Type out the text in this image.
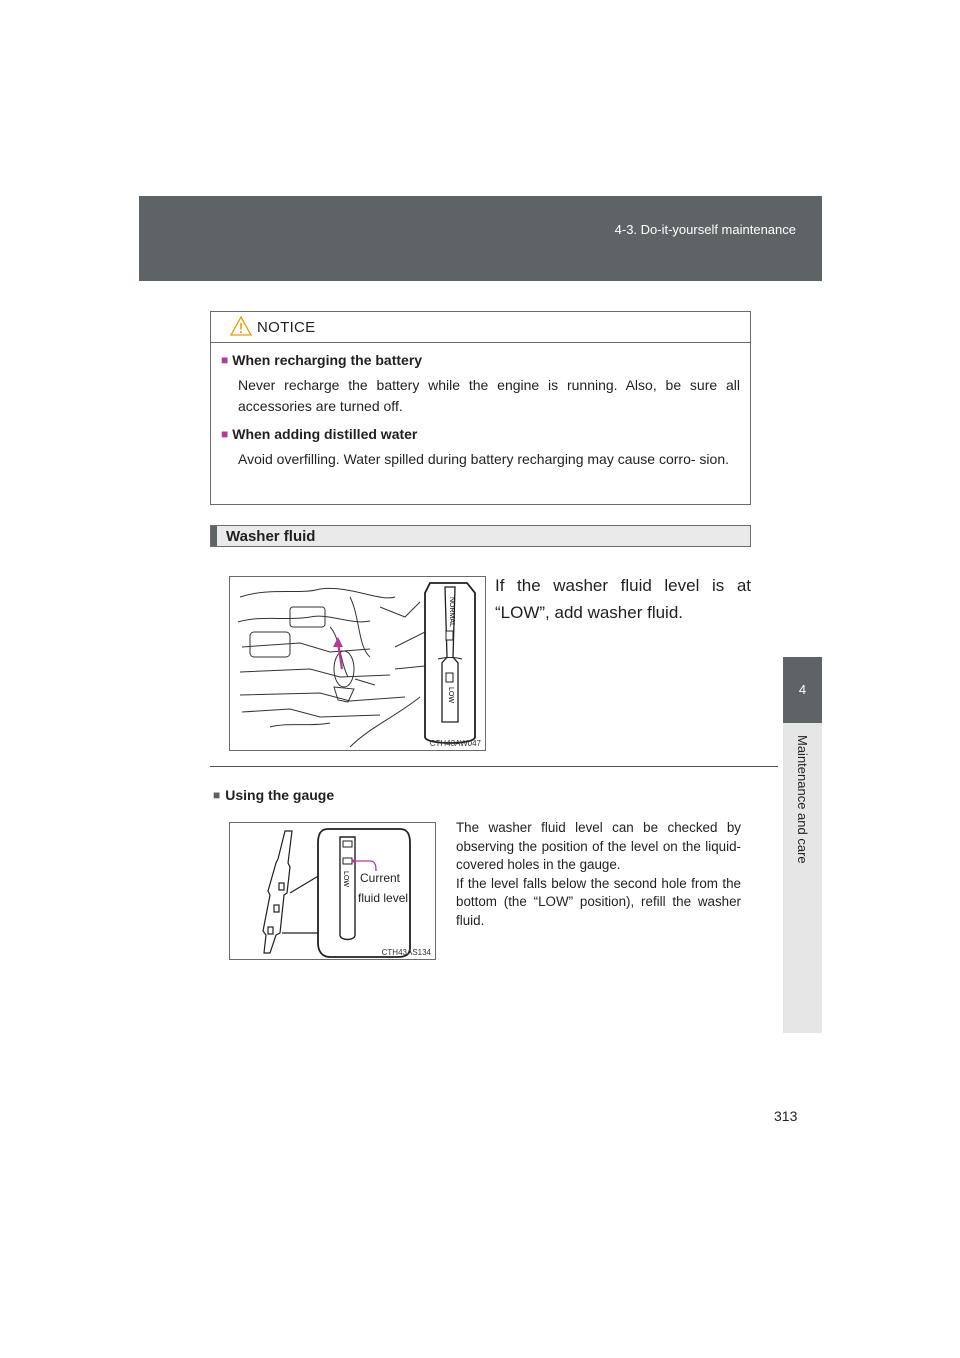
4-3. Do-it-yourself maintenance
4
Maintenance and care
NOTICE
■ When recharging the battery

Never recharge the battery while the engine is running. Also, be sure all accessories are turned off.

■ When adding distilled water

Avoid overfilling. Water spilled during battery recharging may cause corro- sion.

Washer fluid
NORMAL
LOW
CTH43AW047
If the washer fluid level is at “LOW”, add washer fluid.
■ Using the gauge
LOW Current
fluid level
CTH43AS134

The washer fluid level can be checked by observing the position of the level on the liquid-covered holes in the gauge.

If the level falls below the second hole from the bottom (the “LOW” position), refill the washer fluid.

313
